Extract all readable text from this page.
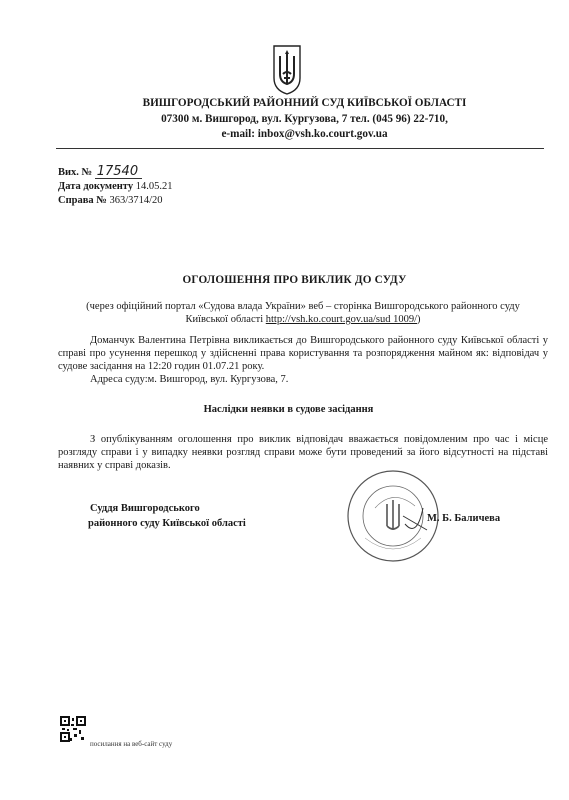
ВИШГОРОДСЬКИЙ РАЙОННИЙ СУД КИЇВСЬКОЇ ОБЛАСТІ
07300 м. Вишгород, вул. Кургузова, 7 тел. (045 96) 22-710,
e-mail: inbox@vsh.ko.court.gov.ua
Вих. № 17540
Дата документу 14.05.21
Справа № 363/3714/20
ОГОЛОШЕННЯ ПРО ВИКЛИК ДО СУДУ
(через офіційний портал «Судова влада України» веб – сторінка Вишгородського районного суду
Київської області http://vsh.ko.court.gov.ua/sud 1009/)
Доманчук Валентина Петрівна викликається до Вишгородського районного суду Київської області у справі про усунення перешкод у здійсненні права користування та розпорядження майном як: відповідач у судове засідання на 12:20 годин 01.07.21 року.
Адреса суду:м. Вишгород, вул. Кургузова, 7.
Наслідки неявки в судове засідання
З опублікуванням оголошення про виклик відповідач вважається повідомленим про час і місце розгляду справи і у випадку неявки розгляд справи може бути проведений за його відсутності на підставі наявних у справі доказів.
Суддя Вишгородського
районного суду Київської області	М. Б. Баличева
посилання на веб-сайт суду
